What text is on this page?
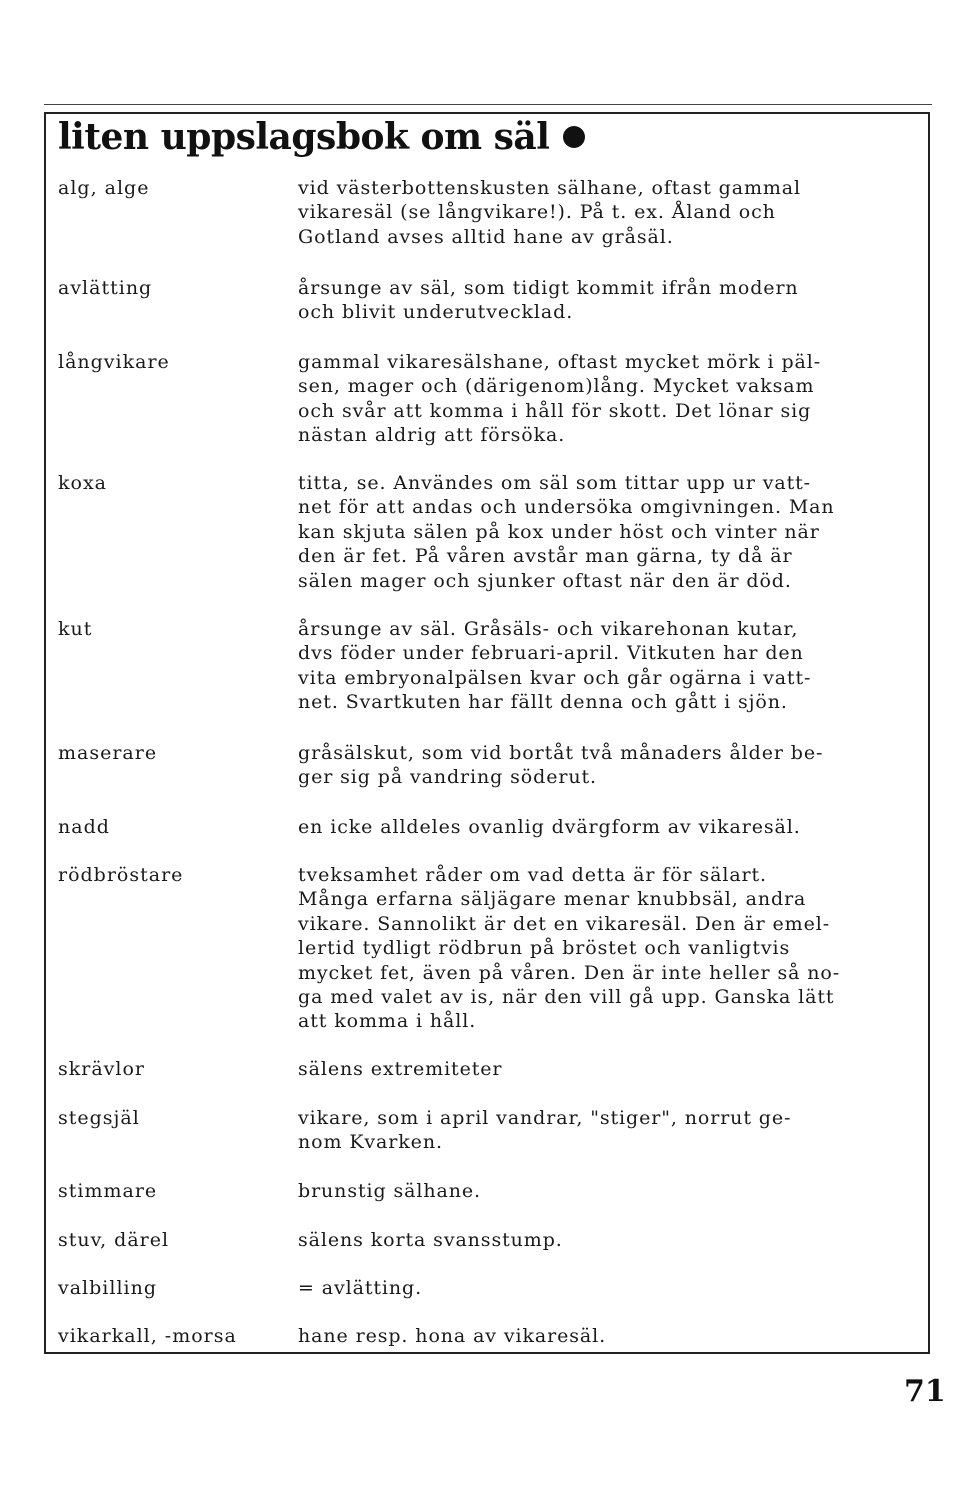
liten uppslagsbok om säl
alg, alge	vid västerbottenskusten sälhane, oftast gammal
vikaresäl (se långvikare!). På t. ex. Åland och
Gotland avses alltid hane av gråsäl.
avlätting	årsunge av säl, som tidigt kommit ifrån modern
och blivit underutvecklad.
långvikare	gammal vikaresälshane, oftast mycket mörk i päl-
sen, mager och (därigenom)lång. Mycket vaksam
och svår att komma i håll för skott. Det lönar sig
nästan aldrig att försöka.
koxa	titta, se. Användes om säl som tittar upp ur vatt-
net för att andas och undersöka omgivningen. Man
kan skjuta sälen på kox under höst och vinter när
den är fet. På våren avstår man gärna, ty då är
sälen mager och sjunker oftast när den är död.
kut	årsunge av säl. Gråsäls- och vikarehonan kutar,
dvs föder under februari-april. Vitkuten har den
vita embryonalpälsen kvar och går ogärna i vatt-
net. Svartkuten har fällt denna och gått i sjön.
maserare	gråsälskut, som vid bortåt två månaders ålder be-
ger sig på vandring söderut.
nadd	en icke alldeles ovanlig dvärgform av vikaresäl.
rödbröstare	tveksamhet råder om vad detta är för sälart.
Många erfarna säljägare menar knubbsäl, andra
vikare. Sannolikt är det en vikaresäl. Den är emel-
lertid tydligt rödbrun på bröstet och vanligtvis
mycket fet, även på våren. Den är inte heller så no-
ga med valet av is, när den vill gå upp. Ganska lätt
att komma i håll.
skrävlor	sälens extremiteter
stegsjäl	vikare, som i april vandrar, "stiger", norrut ge-
nom Kvarken.
stimmare	brunstig sälhane.
stuv, därel	sälens korta svansstump.
valbilling	= avlätting.
vikarkall, -morsa	hane resp. hona av vikaresäl.
71
